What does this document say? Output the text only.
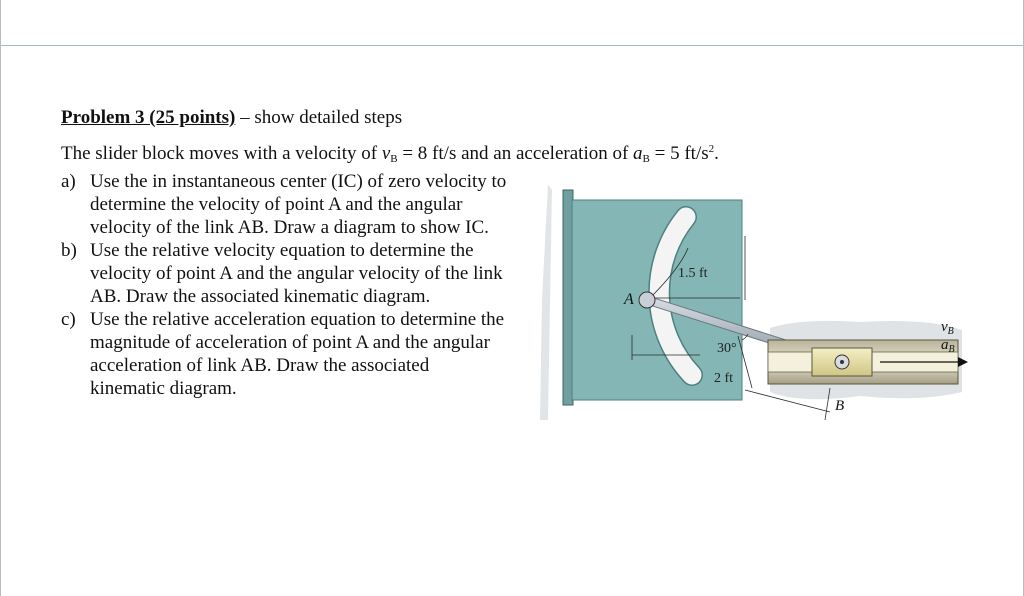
Problem 3 (25 points) – show detailed steps
The slider block moves with a velocity of $v_B = 8$ ft/s and an acceleration of $a_B = 5$ $ft/s^2$.
a) Use the in instantaneous center (IC) of zero velocity to
determine the velocity of point A and the angular
velocity of the link AB. Draw a diagram to show IC.
b) Use the relative velocity equation to determine the
velocity of point A and the angular velocity of the link
AB. Draw the associated kinematic diagram.
c) Use the relative acceleration equation to determine the
magnitude of acceleration of point A and the angular
acceleration of link AB. Draw the associated
kinematic diagram.
A
B
1.5 ft
30°
2 ft
$v_B$
$a_B$
